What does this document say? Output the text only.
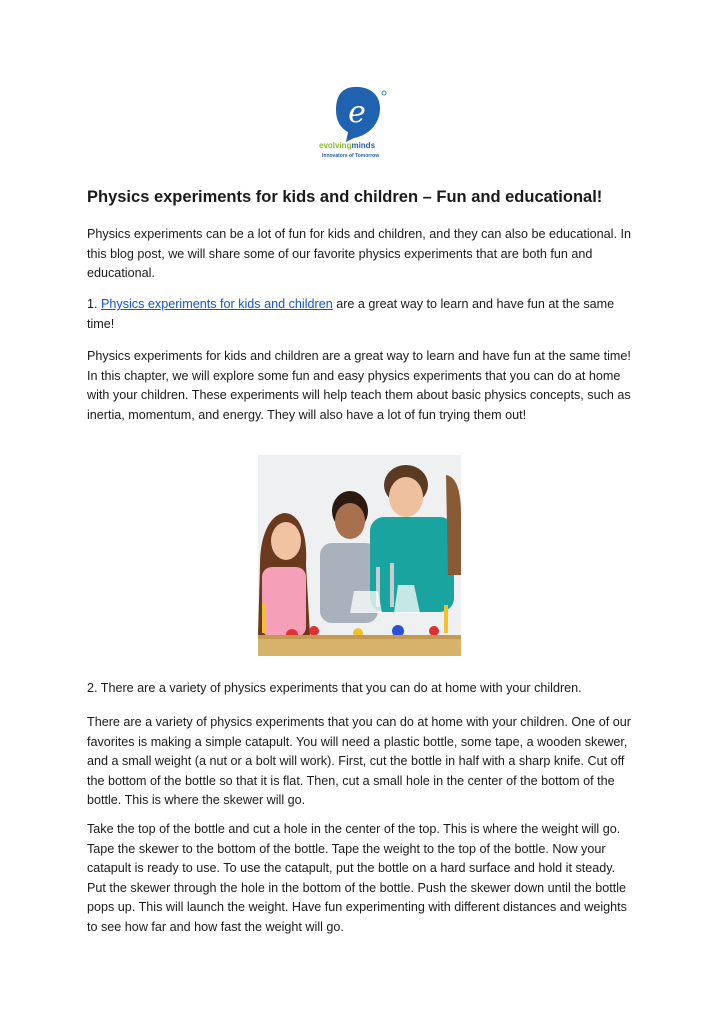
e
evolvingminds
Innovators of Tomorrow
Physics experiments for kids and children – Fun and educational!

Physics experiments can be a lot of fun for kids and children, and they can also be educational. In this blog post, we will share some of our favorite physics experiments that are both fun and educational.

1. Physics experiments for kids and children are a great way to learn and have fun at the same time!

Physics experiments for kids and children are a great way to learn and have fun at the same time! In this chapter, we will explore some fun and easy physics experiments that you can do at home with your children. These experiments will help teach them about basic physics concepts, such as inertia, momentum, and energy. They will also have a lot of fun trying them out!

2. There are a variety of physics experiments that you can do at home with your children.

There are a variety of physics experiments that you can do at home with your children. One of our favorites is making a simple catapult. You will need a plastic bottle, some tape, a wooden skewer, and a small weight (a nut or a bolt will work). First, cut the bottle in half with a sharp knife. Cut off the bottom of the bottle so that it is flat. Then, cut a small hole in the center of the bottom of the bottle. This is where the skewer will go.

Take the top of the bottle and cut a hole in the center of the top. This is where the weight will go. Tape the skewer to the bottom of the bottle. Tape the weight to the top of the bottle. Now your catapult is ready to use. To use the catapult, put the bottle on a hard surface and hold it steady. Put the skewer through the hole in the bottom of the bottle. Push the skewer down until the bottle pops up. This will launch the weight. Have fun experimenting with different distances and weights to see how far and how fast the weight will go.
